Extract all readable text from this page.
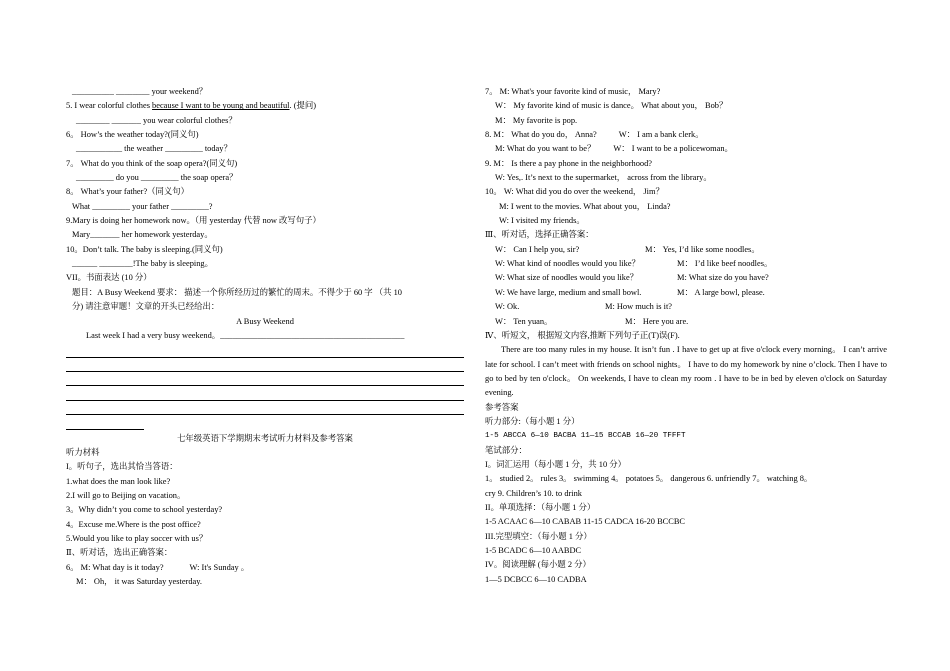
__________ ________ your weekend？
5. I wear colorful clothes because I want to be young and beautiful. (提问)
________ _______ you wear colorful clothes？
6。 How’s the weather today?(同义句)
___________ the weather _________ today？
7。 What do you think of the soap opera?(同义句)
_________ do you _________ the soap opera？
8。 What’s your father?（同义句）
What _________ your father _________?
9.Mary is doing her homework now。（用 yesterday 代替 now 改写句子）
Mary_______ her homework yesterday。
10。Don’t talk. The baby is sleeping.(同义句)
______ ________!The baby is sleeping。
VII。书面表达 (10 分）
题目：A Busy Weekend 要求： 描述一个你所经历过的繁忙的周末。不得少于 60 字 （共 10
分) 请注意审题！文章的开头已经给出：
A Busy Weekend
Last week I had a very busy weekend。____________________________________________
七年级英语下学期期末考试听力材料及参考答案
听力材料
I。听句子，选出其恰当答语：
1.what does the man look like?
2.I will go to Beijing on vacation。
3。Why didn’t you come to school yesterday?
4。Excuse me.Where is the post office?
5.Would you like to play soccer with us？
Ⅱ、听对话，选出正确答案：
6。 M: What day is it today?	W: It's Sunday 。
M： Oh， it was Saturday yesterday.
7。 M: What's your favorite kind of music， Mary?
W： My favorite kind of music is dance。 What about you， Bob？
M： My favorite is pop.
8. M： What do you do， Anna?	W： I am a bank clerk。
M: What do you want to be？ W： I want to be a policewoman。
9. M： Is there a pay phone in the neighborhood?
W: Yes,. It’s next to the supermarket， across from the library。
10。 W: What did you do over the weekend， Jim？
M: I went to the movies. What about you， Linda?
W: I visited my friends。
Ⅲ、听对话，选择正确答案：
W： Can I help you, sir?	M： Yes, I’d like some noodles。
W: What kind of noodles would you like？	M： I’d like beef noodles。
W: What size of noodles would you like？	M: What size do you have?
W: We have large, medium and small bowl.	M： A large bowl, please.
W: Ok.	M: How much is it?
W： Ten yuan。	M： Here you are.
Ⅳ、听短文， 根据短文内容,推断下列句子正(T)误(F).
There are too many rules in my house. It isn’t fun . I have to get up at five o'clock every morning。 I can’t arrive late for school. I can’t meet with friends on school nights。 I have to do my homework by nine o’clock. Then I have to go to bed by ten o'clock。 On weekends, I have to clean my room . I have to be in bed by eleven o'clock on Saturday evening.
参考答案
听力部分:（每小题 1 分）
1-5 ABCCA 6—10 BACBA 11—15 BCCAB 16—20 TFFFT
笔试部分：
I。词汇运用（每小题 1 分，共 10 分）
1。 studied 2。 rules 3。 swimming 4。 potatoes 5。 dangerous 6. unfriendly 7。 watching 8。
cry 9. Children’s 10. to drink
II。单项选择：（每小题 1 分）
1-5 ACAAC 6—10 CABAB 11-15 CADCA 16-20 BCCBC
III.完型填空：（每小题 1 分）
1-5 BCADC 6—10 AABDC
IV。阅读理解 (每小题 2 分）
1—5 DCBCC 6—10 CADBA
